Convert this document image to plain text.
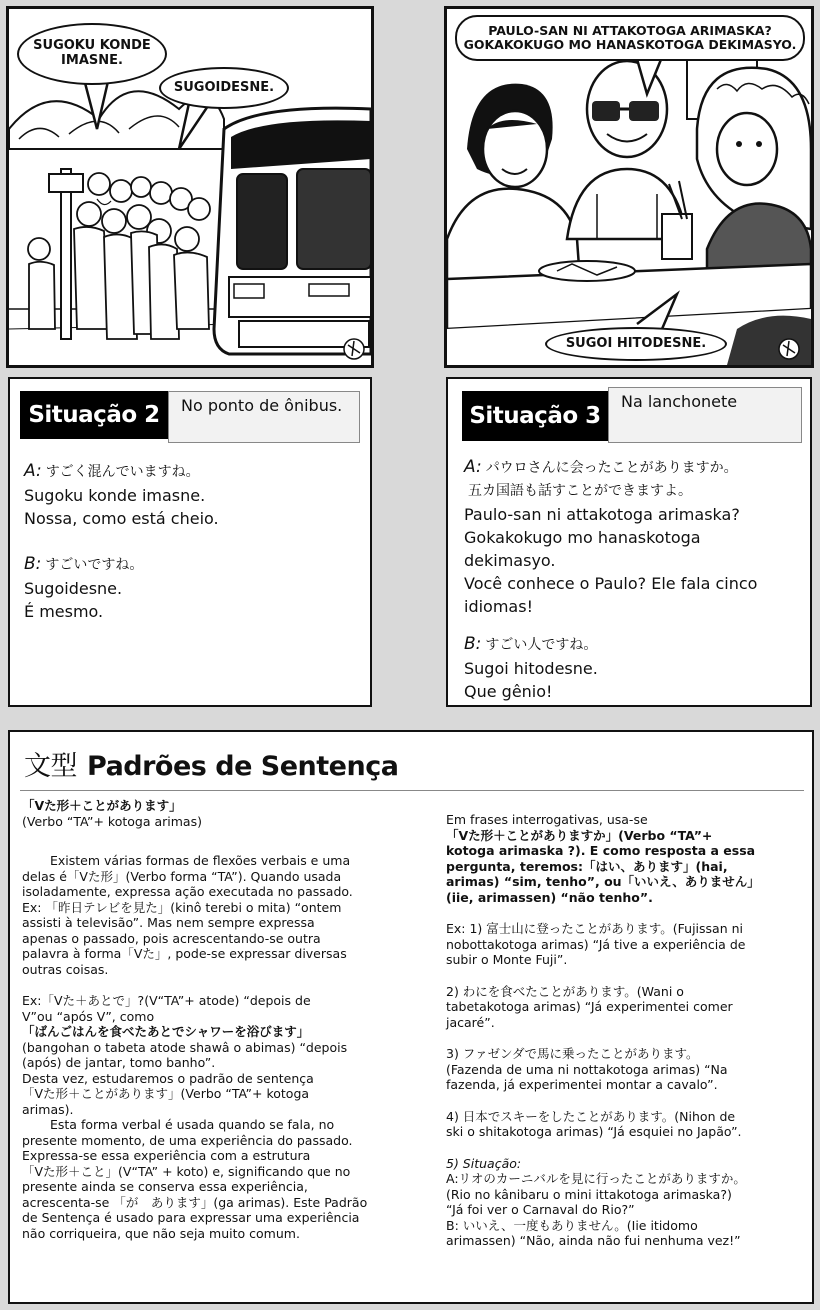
SUGOKU KONDE IMASNE.
SUGOIDESNE.
PAULO-SAN NI ATTAKOTOGA ARIMASKA?
GOKAKOKUGO MO HANASKOTOGA DEKIMASYO.
SUGOI HITODESNE.
Situação 2	No ponto de ônibus.
A: すごく混んでいますね。
Sugoku konde imasne.
Nossa, como está cheio.
B: すごいですね。
Sugoidesne.
É mesmo.
Situação 3
Na lanchonete
A: パウロさんに会ったことがありますか。
五カ国語も話すことができますよ。
Paulo-san ni attakotoga arimaska?
Gokakokugo mo hanaskotoga
dekimasyo.
Você conhece o Paulo? Ele fala cinco
idiomas!
B: すごい人ですね。
Sugoi hitodesne.
Que gênio!
文型 Padrões de Sentença

「Vた形＋ことがあります」

(Verbo “TA”+ kotoga arimas)

Existem várias formas de flexões verbais e uma

delas é「Vた形」(Verbo forma “TA”). Quando usada

isoladamente, expressa ação executada no passado.

Ex: 「昨日テレビを見た」(kinô terebi o mita) “ontem

assisti à televisão”. Mas nem sempre expressa

apenas o passado, pois acrescentando-se outra

palavra à forma「Vた」, pode-se expressar diversas

outras coisas.

Ex:「Vた＋あとで」?(V“TA”+ atode) “depois de

V”ou “após V”, como

「ばんごはんを食べたあとでシャワーを浴びます」

(bangohan o tabeta atode shawâ o abimas) “depois

(após) de jantar, tomo banho”.

Desta vez, estudaremos o padrão de sentença

「Vた形＋ことがあります」(Verbo “TA”+ kotoga

arimas).

Esta forma verbal é usada quando se fala, no

presente momento, de uma experiência do passado.

Expressa-se essa experiência com a estrutura

「Vた形＋こと」(V“TA” + koto) e, significando que no

presente ainda se conserva essa experiência,

acrescenta-se 「が　あります」(ga arimas). Este Padrão

de Sentença é usado para expressar uma experiência

não corriqueira, que não seja muito comum.

Em frases interrogativas, usa-se

「Vた形＋ことがありますか」(Verbo “TA”+

kotoga arimaska ?). E como resposta a essa

pergunta, teremos:「はい、あります」(hai,

arimas) “sim, tenho”, ou「いいえ、ありません」

(iie, arimassen) “não tenho”.

Ex: 1) 富士山に登ったことがあります。(Fujissan ni

nobottakotoga arimas) “Já tive a experiência de

subir o Monte Fuji”.

2) わにを食べたことがあります。(Wani o

tabetakotoga arimas) “Já experimentei comer

jacaré”.

3) ファゼンダで馬に乗ったことがあります。

(Fazenda de uma ni nottakotoga arimas) “Na

fazenda, já experimentei montar a cavalo”.

4) 日本でスキーをしたことがあります。(Nihon de

ski o shitakotoga arimas) “Já esquiei no Japão”.

5) Situação:

A:リオのカーニバルを見に行ったことがありますか。

(Rio no kânibaru o mini ittakotoga arimaska?)

“Já foi ver o Carnaval do Rio?”

B: いいえ、一度もありません。(Iie itidomo

arimassen) “Não, ainda não fui nenhuma vez!”
